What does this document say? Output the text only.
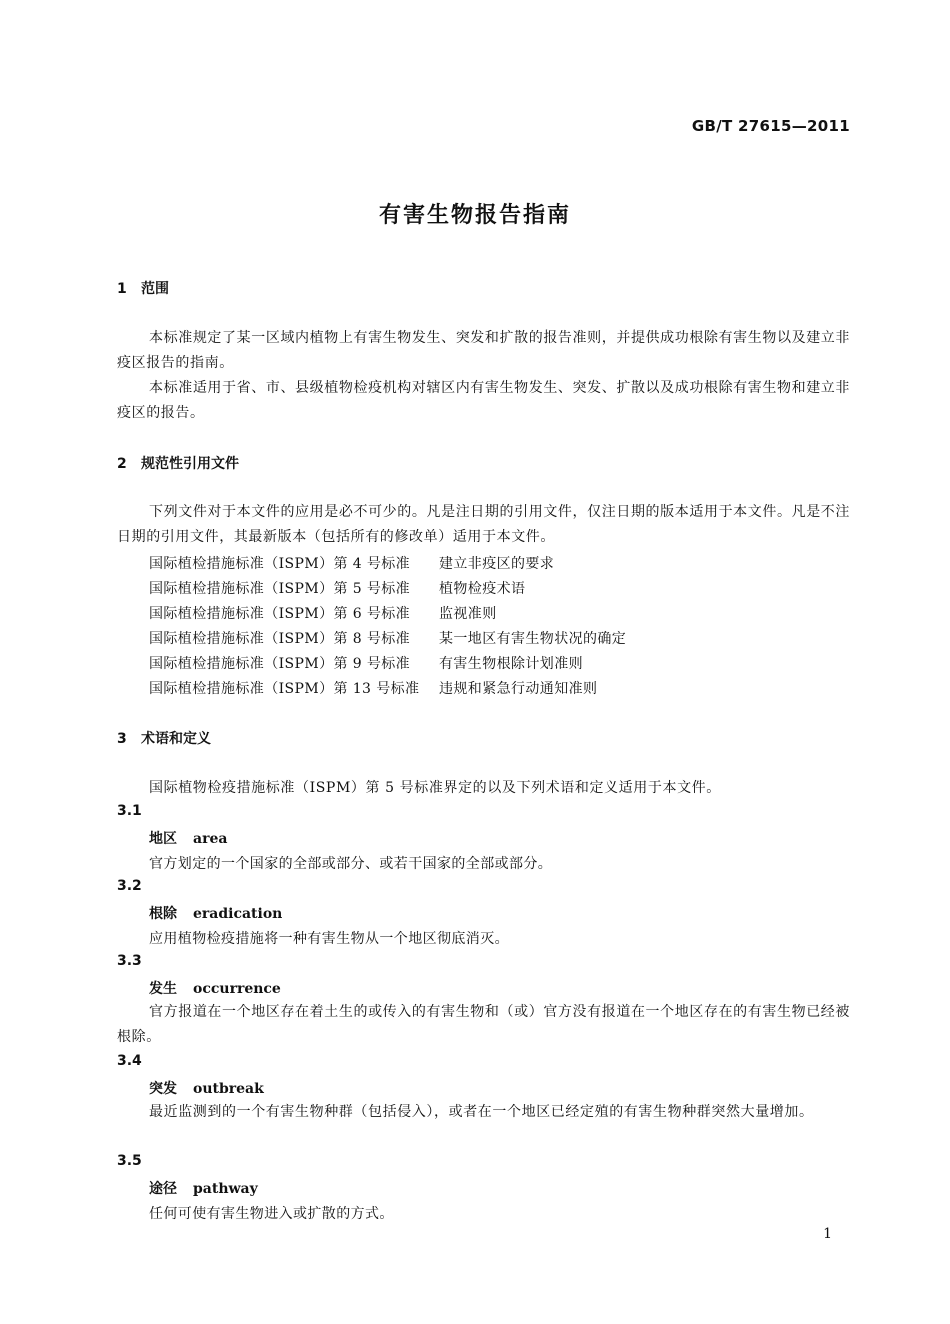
GB/T 27615—2011
有害生物报告指南
1 范围
本标准规定了某一区域内植物上有害生物发生、突发和扩散的报告准则，并提供成功根除有害生物以及建立非疫区报告的指南。
本标准适用于省、市、县级植物检疫机构对辖区内有害生物发生、突发、扩散以及成功根除有害生物和建立非疫区的报告。
2 规范性引用文件
下列文件对于本文件的应用是必不可少的。凡是注日期的引用文件，仅注日期的版本适用于本文件。凡是不注日期的引用文件，其最新版本（包括所有的修改单）适用于本文件。
国际植检措施标准（ISPM）第 4 号标准 建立非疫区的要求
国际植检措施标准（ISPM）第 5 号标准 植物检疫术语
国际植检措施标准（ISPM）第 6 号标准 监视准则
国际植检措施标准（ISPM）第 8 号标准 某一地区有害生物状况的确定
国际植检措施标准（ISPM）第 9 号标准 有害生物根除计划准则
国际植检措施标准（ISPM）第 13 号标准 违规和紧急行动通知准则
3 术语和定义
国际植物检疫措施标准（ISPM）第 5 号标准界定的以及下列术语和定义适用于本文件。
3.1
地区 area
官方划定的一个国家的全部或部分、或若干国家的全部或部分。
3.2
根除 eradication
应用植物检疫措施将一种有害生物从一个地区彻底消灭。
3.3
发生 occurrence
官方报道在一个地区存在着土生的或传入的有害生物和（或）官方没有报道在一个地区存在的有害生物已经被根除。
3.4
突发 outbreak
最近监测到的一个有害生物种群（包括侵入），或者在一个地区已经定殖的有害生物种群突然大量增加。
3.5
途径 pathway
任何可使有害生物进入或扩散的方式。
1
